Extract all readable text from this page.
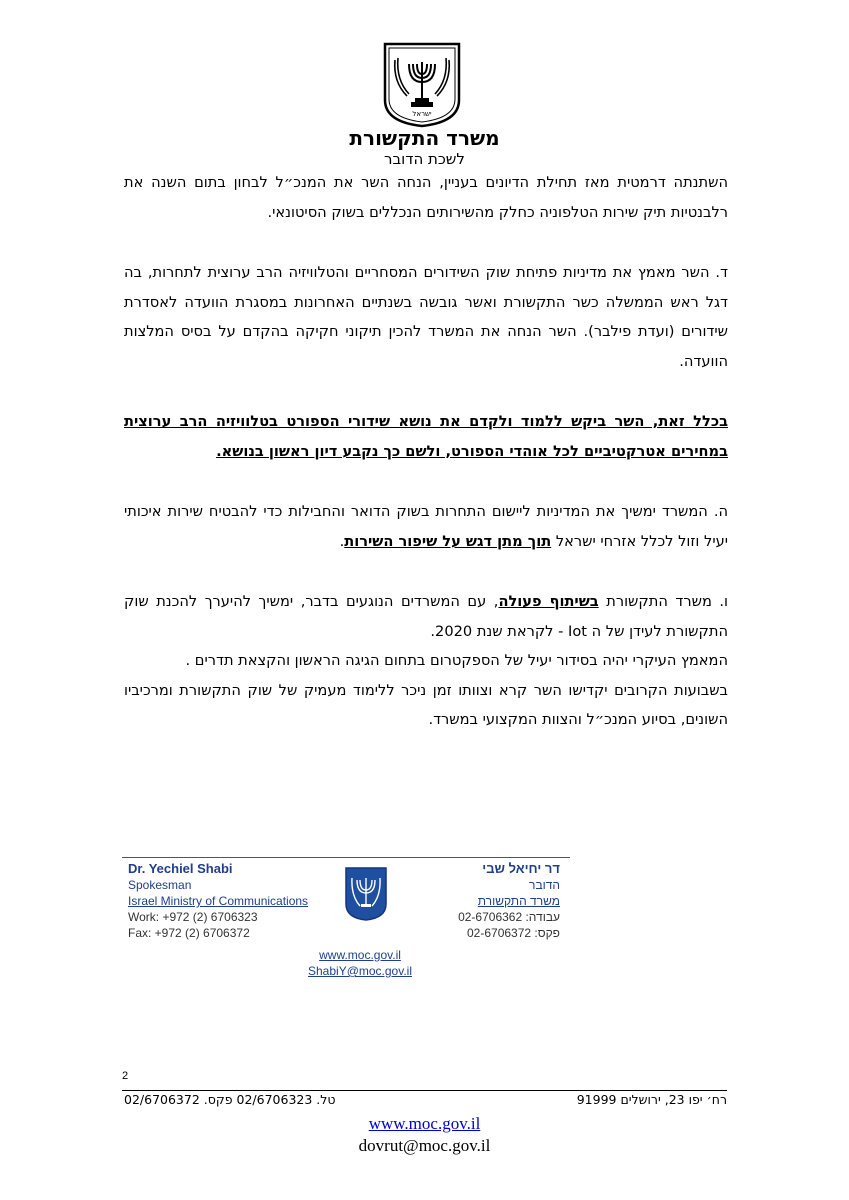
ישראל
משרד התקשורת
לשכת הדובר

השתנתה דרמטית מאז תחילת הדיונים בעניין, הנחה השר את המנכ״ל לבחון בתום השנה את רלבנטיות תיק שירות הטלפוניה כחלק מהשירותים הנכללים בשוק הסיטונאי.

ד. השר מאמץ את מדיניות פתיחת שוק השידורים המסחריים והטלוויזיה הרב ערוצית לתחרות, בה דגל ראש הממשלה כשר התקשורת ואשר גובשה בשנתיים האחרונות במסגרת הוועדה לאסדרת שידורים (ועדת פילבר). השר הנחה את המשרד להכין תיקוני חקיקה בהקדם על בסיס המלצות הוועדה.

בכלל זאת, השר ביקש ללמוד ולקדם את נושא שידורי הספורט בטלוויזיה הרב ערוצית במחירים אטרקטיביים לכל אוהדי הספורט, ולשם כך נקבע דיון ראשון בנושא.

ה. המשרד ימשיך את המדיניות ליישום התחרות בשוק הדואר והחבילות כדי להבטיח שירות איכותי יעיל וזול לכלל אזרחי ישראל תוך מתן דגש על שיפור השירות.

ו. משרד התקשורת בשיתוף פעולה, עם המשרדים הנוגעים בדבר, ימשיך להיערך להכנת שוק התקשורת לעידן של ה Iot - לקראת שנת 2020.

המאמץ העיקרי יהיה בסידור יעיל של הספקטרום בתחום הגיגה הראשון והקצאת תדרים .

בשבועות הקרובים יקדישו השר קרא וצוותו זמן ניכר ללימוד מעמיק של שוק התקשורת ומרכיביו השונים, בסיוע המנכ״ל והצוות המקצועי במשרד.

Dr. Yechiel Shabi
Spokesman
Israel Ministry of Communications
Work: +972 (2) 6706323
Fax: +972 (2) 6706372
דר יחיאל שבי
הדובר
משרד התקשורת
עבודה: 02-6706362
פקס: 02-6706372
www.moc.gov.il
ShabiY@moc.gov.il
2
רח׳ יפו 23, ירושלים 91999
טל. 02/6706323 פקס. 02/6706372
www.moc.gov.il
dovrut@moc.gov.il
